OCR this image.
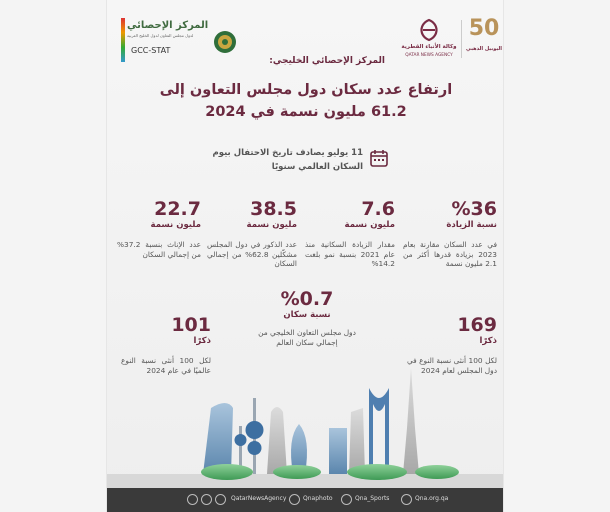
المركز الإحصائي
لدول مجلس التعاون لدول الخليج العربية
GCC-STAT	وكالة الأنباء القطرية
QATAR NEWS AGENCY
50
اليوبيل الذهبي
المركز الإحصائي الخليجي:
ارتفاع عدد سكان دول مجلس التعاون إلى
61.2 مليون نسمة في 2024
11 يوليو يصادف تاريخ الاحتفال بيوم
السكان العالمي سنويًا
%36
نسبة الزيادة
في عدد السكان مقارنة بعام 2023 بزيادة قدرها أكثر من 2.1 مليون نسمة
7.6
مليون نسمة
مقدار الزيادة السكانية منذ عام 2021 بنسبة نمو بلغت 14.2%
38.5
مليون نسمة
عدد الذكور في دول المجلس مشكّلين 62.8% من إجمالي السكان
22.7
مليون نسمة
عدد الإناث بنسبة 37.2% من إجمالي السكان
169
ذكرًا
لكل 100 أنثى نسبة النوع في دول المجلس لعام 2024
%0.7
نسبة سكان
دول مجلس التعاون الخليجي من إجمالي سكان العالم
101
ذكرًا
لكل 100 أنثى نسبة النوع عالميًا في عام 2024
QatarNewsAgency	Qnaphoto	Qna_Sports	Qna.org.qa
